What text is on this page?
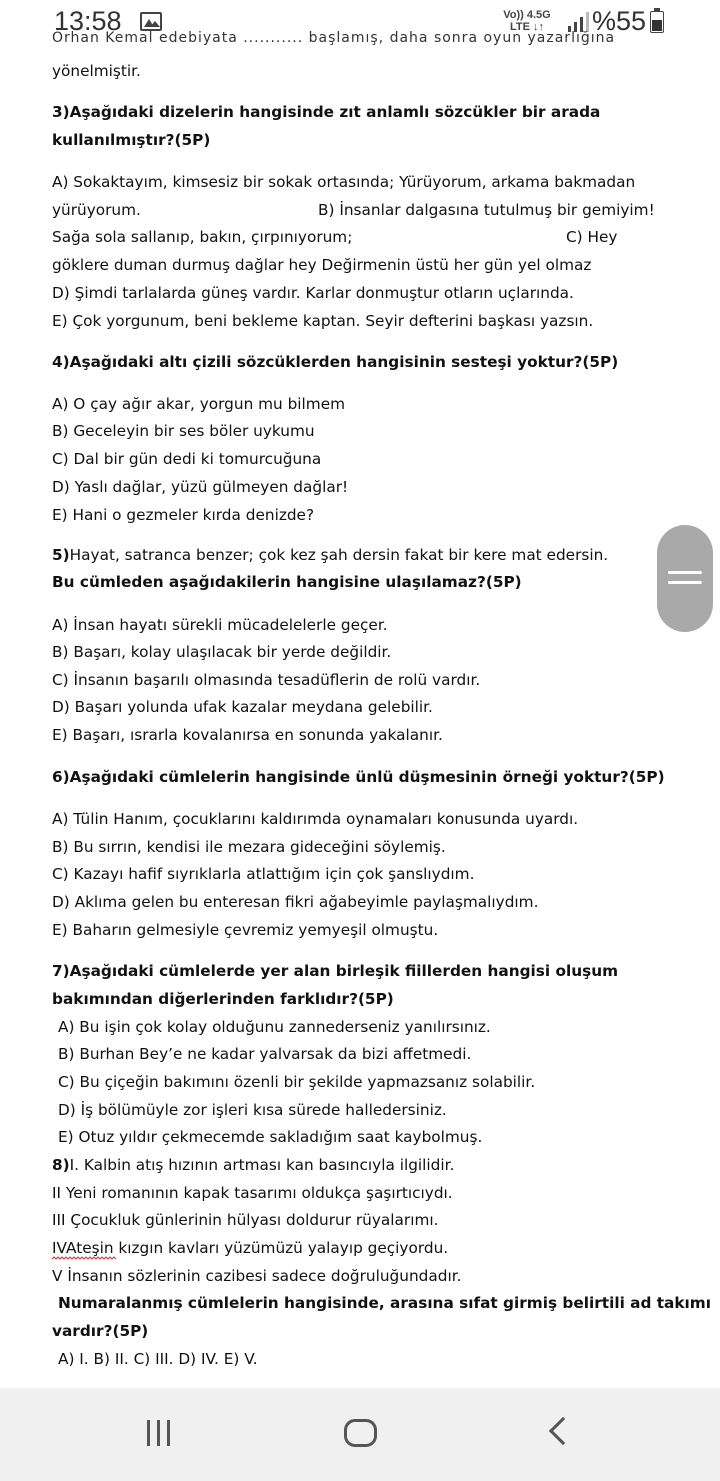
13:58	Vo)) 4.5G
LTE ↓↑	%55
Orhan Kemal edebiyata ........... başlamış, daha sonra oyun yazarlığına
yönelmiştir.
3)Aşağıdaki dizelerin hangisinde zıt anlamlı sözcükler bir arada
kullanılmıştır?(5P)
A) Sokaktayım, kimsesiz bir sokak ortasında; Yürüyorum, arkama bakmadan
yürüyorum.	B) İnsanlar dalgasına tutulmuş bir gemiyim!
Sağa sola sallanıp, bakın, çırpınıyorum;	C) Hey
göklere duman durmuş dağlar hey Değirmenin üstü her gün yel olmaz
D) Şimdi tarlalarda güneş vardır. Karlar donmuştur otların uçlarında.
E) Çok yorgunum, beni bekleme kaptan. Seyir defterini başkası yazsın.
4)Aşağıdaki altı çizili sözcüklerden hangisinin sesteşi yoktur?(5P)
A) O çay ağır akar, yorgun mu bilmem
B) Geceleyin bir ses böler uykumu
C) Dal bir gün dedi ki tomurcuğuna
D) Yaslı dağlar, yüzü gülmeyen dağlar!
E) Hani o gezmeler kırda denizde?
5)Hayat, satranca benzer; çok kez şah dersin fakat bir kere mat edersin.
Bu cümleden aşağıdakilerin hangisine ulaşılamaz?(5P)
A) İnsan hayatı sürekli mücadelelerle geçer.
B) Başarı, kolay ulaşılacak bir yerde değildir.
C) İnsanın başarılı olmasında tesadüflerin de rolü vardır.
D) Başarı yolunda ufak kazalar meydana gelebilir.
E) Başarı, ısrarla kovalanırsa en sonunda yakalanır.
6)Aşağıdaki cümlelerin hangisinde ünlü düşmesinin örneği yoktur?(5P)
A) Tülin Hanım, çocuklarını kaldırımda oynamaları konusunda uyardı.
B) Bu sırrın, kendisi ile mezara gideceğini söylemiş.
C) Kazayı hafif sıyrıklarla atlattığım için çok şanslıydım.
D) Aklıma gelen bu enteresan fikri ağabeyimle paylaşmalıydım.
E) Baharın gelmesiyle çevremiz yemyeşil olmuştu.
7)Aşağıdaki cümlelerde yer alan birleşik fiillerden hangisi oluşum
bakımından diğerlerinden farklıdır?(5P)
A) Bu işin çok kolay olduğunu zannederseniz yanılırsınız.
B) Burhan Bey’e ne kadar yalvarsak da bizi affetmedi.
C) Bu çiçeğin bakımını özenli bir şekilde yapmazsanız solabilir.
D) İş bölümüyle zor işleri kısa sürede halledersiniz.
E) Otuz yıldır çekmecemde sakladığım saat kaybolmuş.
8)I. Kalbin atış hızının artması kan basıncıyla ilgilidir.
II Yeni romanının kapak tasarımı oldukça şaşırtıcıydı.
III Çocukluk günlerinin hülyası doldurur rüyalarımı.
IVAteşin kızgın kavları yüzümüzü yalayıp geçiyordu.
V İnsanın sözlerinin cazibesi sadece doğruluğundadır.
Numaralanmış cümlelerin hangisinde, arasına sıfat girmiş belirtili ad takımı
vardır?(5P)
A) I. B) II. C) III. D) IV. E) V.
